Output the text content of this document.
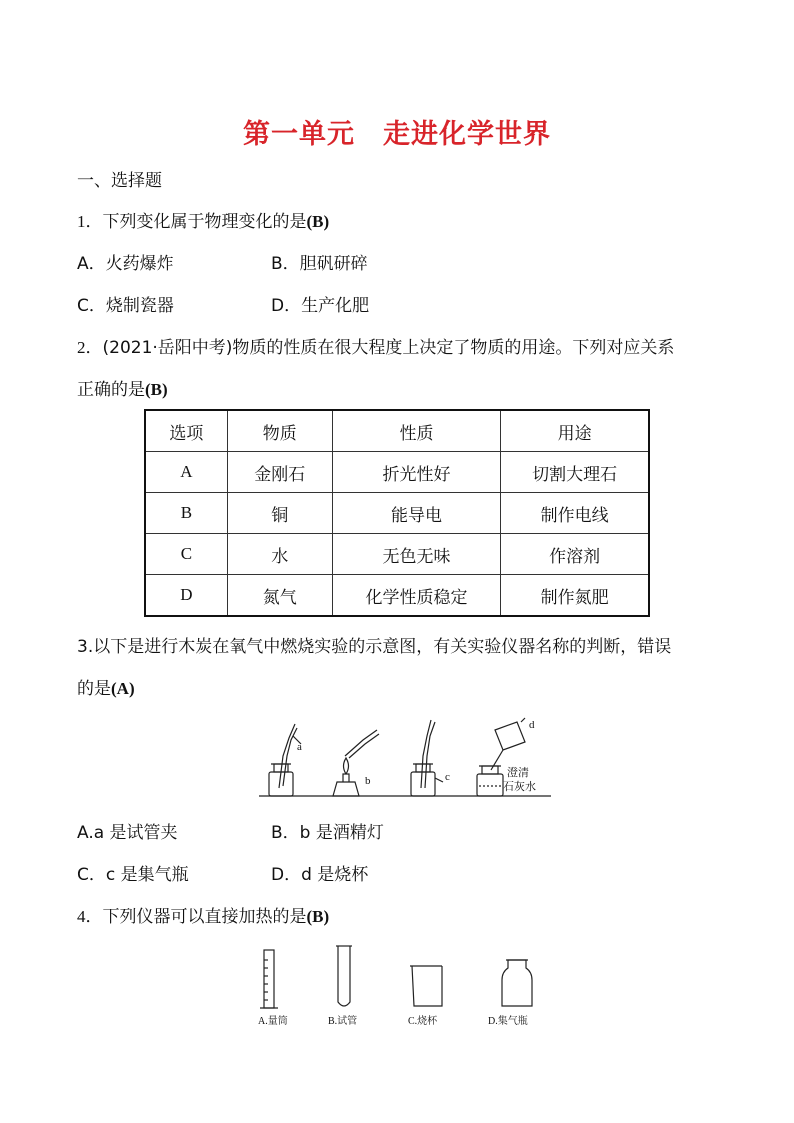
第一单元　走进化学世界
一、选择题
1．下列变化属于物理变化的是(B)
A．火药爆炸	B．胆矾研碎
C．烧制瓷器	D．生产化肥
2．(2021·岳阳中考)物质的性质在很大程度上决定了物质的用途。下列对应关系
正确的是(B)
选项	物质	性质	用途
A	金刚石	折光性好	切割大理石
B	铜	能导电	制作电线
C	水	无色无味	作溶剂
D	氮气	化学性质稳定	制作氮肥
3.以下是进行木炭在氧气中燃烧实验的示意图，有关实验仪器名称的判断，错误
的是(A)
a
b	c
d
澄清
石灰水
A.a 是试管夹	B．b 是酒精灯
C．c 是集气瓶	D．d 是烧杯
4．下列仪器可以直接加热的是(B)
A.量筒	B.试管	C.烧杯	D.集气瓶
